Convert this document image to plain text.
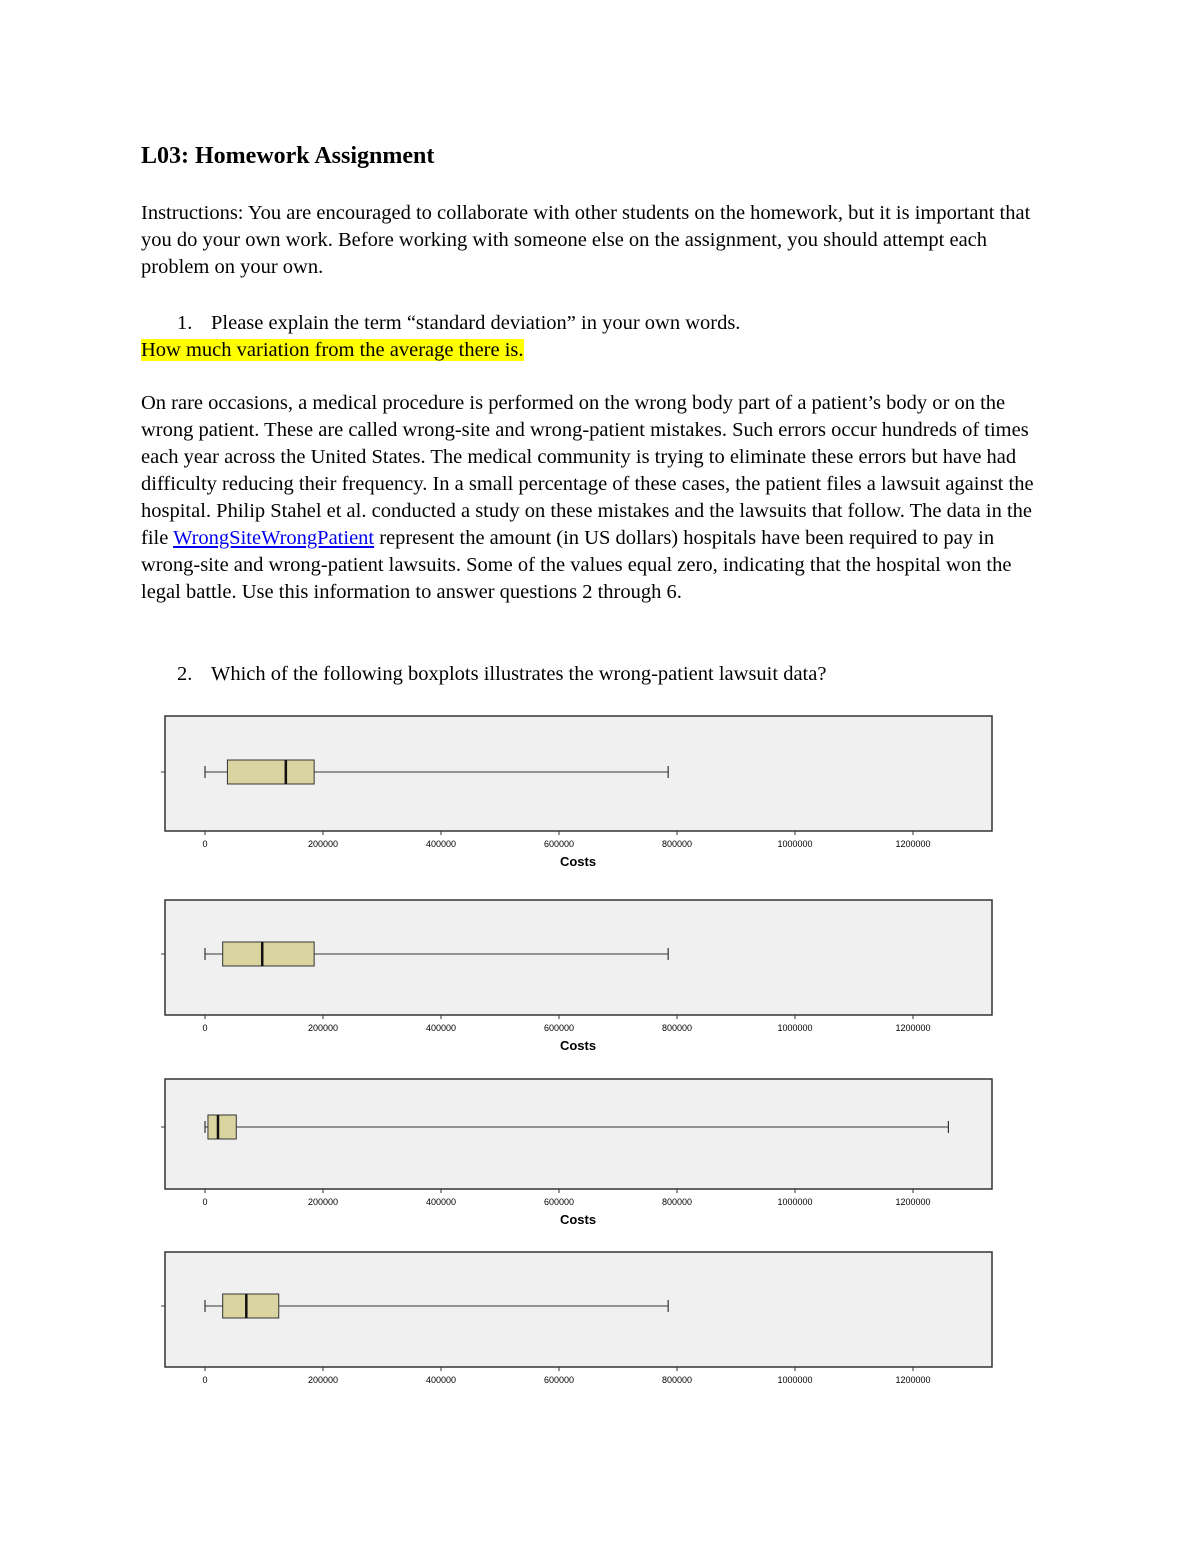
L03: Homework Assignment

Instructions: You are encouraged to collaborate with other students on the homework, but it is important that you do your own work. Before working with someone else on the assignment, you should attempt each problem on your own.

1. Please explain the term “standard deviation” in your own words.
How much variation from the average there is.

On rare occasions, a medical procedure is performed on the wrong body part of a patient’s body or on the wrong patient. These are called wrong-site and wrong-patient mistakes. Such errors occur hundreds of times each year across the United States. The medical community is trying to eliminate these errors but have had difficulty reducing their frequency. In a small percentage of these cases, the patient files a lawsuit against the hospital. Philip Stahel et al. conducted a study on these mistakes and the lawsuits that follow. The data in the file WrongSiteWrongPatient represent the amount (in US dollars) hospitals have been required to pay in wrong-site and wrong-patient lawsuits. Some of the values equal zero, indicating that the hospital won the legal battle. Use this information to answer questions 2 through 6.

2. Which of the following boxplots illustrates the wrong-patient lawsuit data?
0	200000	400000	600000	800000	1000000	1200000
Costs
0	200000	400000	600000	800000	1000000	1200000
Costs
0	200000	400000	600000	800000	1000000	1200000
Costs
0	200000	400000	600000	800000	1000000	1200000
